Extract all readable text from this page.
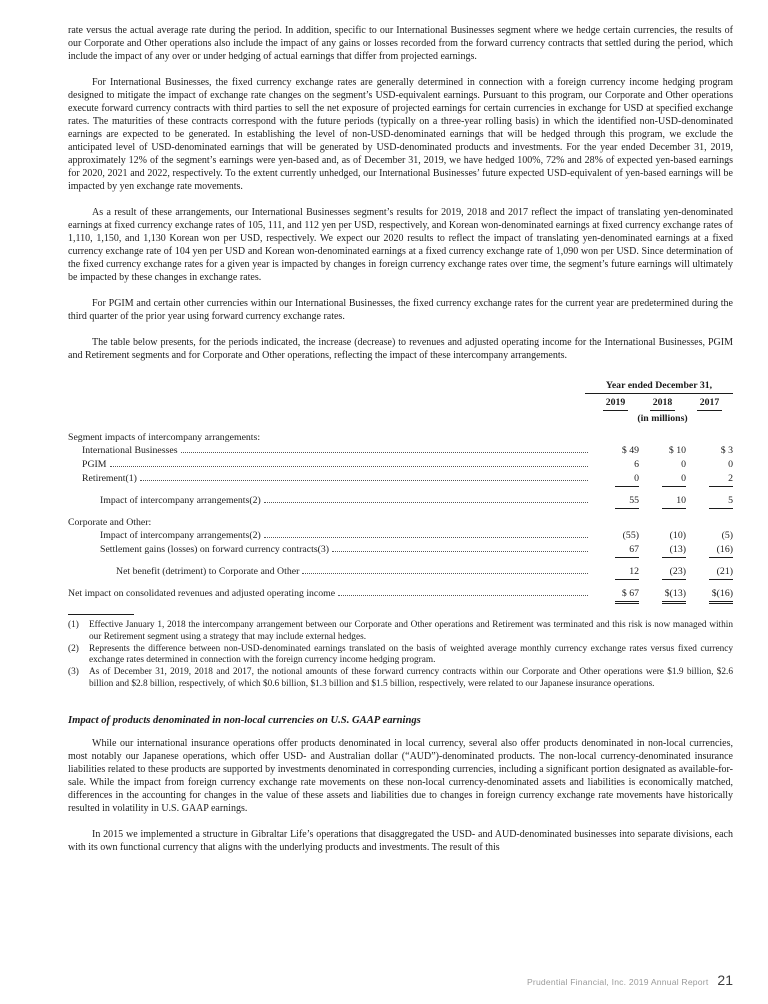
rate versus the actual average rate during the period. In addition, specific to our International Businesses segment where we hedge certain currencies, the results of our Corporate and Other operations also include the impact of any gains or losses recorded from the forward currency contracts that settled during the period, which include the impact of any over or under hedging of actual earnings that differ from projected earnings.

For International Businesses, the fixed currency exchange rates are generally determined in connection with a foreign currency income hedging program designed to mitigate the impact of exchange rate changes on the segment’s USD-equivalent earnings. Pursuant to this program, our Corporate and Other operations execute forward currency contracts with third parties to sell the net exposure of projected earnings for certain currencies in exchange for USD at specified exchange rates. The maturities of these contracts correspond with the future periods (typically on a three-year rolling basis) in which the identified non-USD-denominated earnings are expected to be generated. In establishing the level of non-USD-denominated earnings that will be hedged through this program, we exclude the anticipated level of USD-denominated earnings that will be generated by USD-denominated products and investments. For the year ended December 31, 2019, approximately 12% of the segment’s earnings were yen-based and, as of December 31, 2019, we have hedged 100%, 72% and 28% of expected yen-based earnings for 2020, 2021 and 2022, respectively. To the extent currently unhedged, our International Businesses’ future expected USD-equivalent of yen-based earnings will be impacted by yen exchange rate movements.

As a result of these arrangements, our International Businesses segment’s results for 2019, 2018 and 2017 reflect the impact of translating yen-denominated earnings at fixed currency exchange rates of 105, 111, and 112 yen per USD, respectively, and Korean won-denominated earnings at fixed currency exchange rates of 1,110, 1,150, and 1,130 Korean won per USD, respectively. We expect our 2020 results to reflect the impact of translating yen-denominated earnings at a fixed currency exchange rate of 104 yen per USD and Korean won-denominated earnings at a fixed currency exchange rate of 1,090 won per USD. Since determination of the fixed currency exchange rates for a given year is impacted by changes in foreign currency exchange rates over time, the segment’s future earnings will ultimately be impacted by these changes in exchange rates.

For PGIM and certain other currencies within our International Businesses, the fixed currency exchange rates for the current year are predetermined during the third quarter of the prior year using forward currency exchange rates.

The table below presents, for the periods indicated, the increase (decrease) to revenues and adjusted operating income for the International Businesses, PGIM and Retirement segments and for Corporate and Other operations, reflecting the impact of these intercompany arrangements.

Year ended December 31,
2019	2018	2017
(in millions)
Segment impacts of intercompany arrangements:
International Businesses	$ 49	$ 10	$ 3
PGIM	6	0	0
Retirement(1)	0	0	2
Impact of intercompany arrangements(2)	55	10	5
Corporate and Other:
Impact of intercompany arrangements(2)	(55)	(10)	(5)
Settlement gains (losses) on forward currency contracts(3)	67	(13)	(16)
Net benefit (detriment) to Corporate and Other	12	(23)	(21)
Net impact on consolidated revenues and adjusted operating income	$ 67	$(13)	$(16)
(1)	Effective January 1, 2018 the intercompany arrangement between our Corporate and Other operations and Retirement was terminated and this risk is now managed within our Retirement segment using a strategy that may include external hedges.
(2)	Represents the difference between non-USD-denominated earnings translated on the basis of weighted average monthly currency exchange rates versus fixed currency exchange rates determined in connection with the foreign currency income hedging program.
(3)	As of December 31, 2019, 2018 and 2017, the notional amounts of these forward currency contracts within our Corporate and Other operations were $1.9 billion, $2.6 billion and $2.8 billion, respectively, of which $0.6 billion, $1.3 billion and $1.5 billion, respectively, were related to our Japanese insurance operations.
Impact of products denominated in non-local currencies on U.S. GAAP earnings

While our international insurance operations offer products denominated in local currency, several also offer products denominated in non-local currencies, most notably our Japanese operations, which offer USD- and Australian dollar (“AUD”)-denominated products. The non-local currency-denominated insurance liabilities related to these products are supported by investments denominated in corresponding currencies, including a significant portion designated as available-for-sale. While the impact from foreign currency exchange rate movements on these non-local currency-denominated assets and liabilities is economically matched, differences in the accounting for changes in the value of these assets and liabilities due to changes in foreign currency exchange rate movements have historically resulted in volatility in U.S. GAAP earnings.

In 2015 we implemented a structure in Gibraltar Life’s operations that disaggregated the USD- and AUD-denominated businesses into separate divisions, each with its own functional currency that aligns with the underlying products and investments. The result of this

Prudential Financial, Inc. 2019 Annual Report 21
